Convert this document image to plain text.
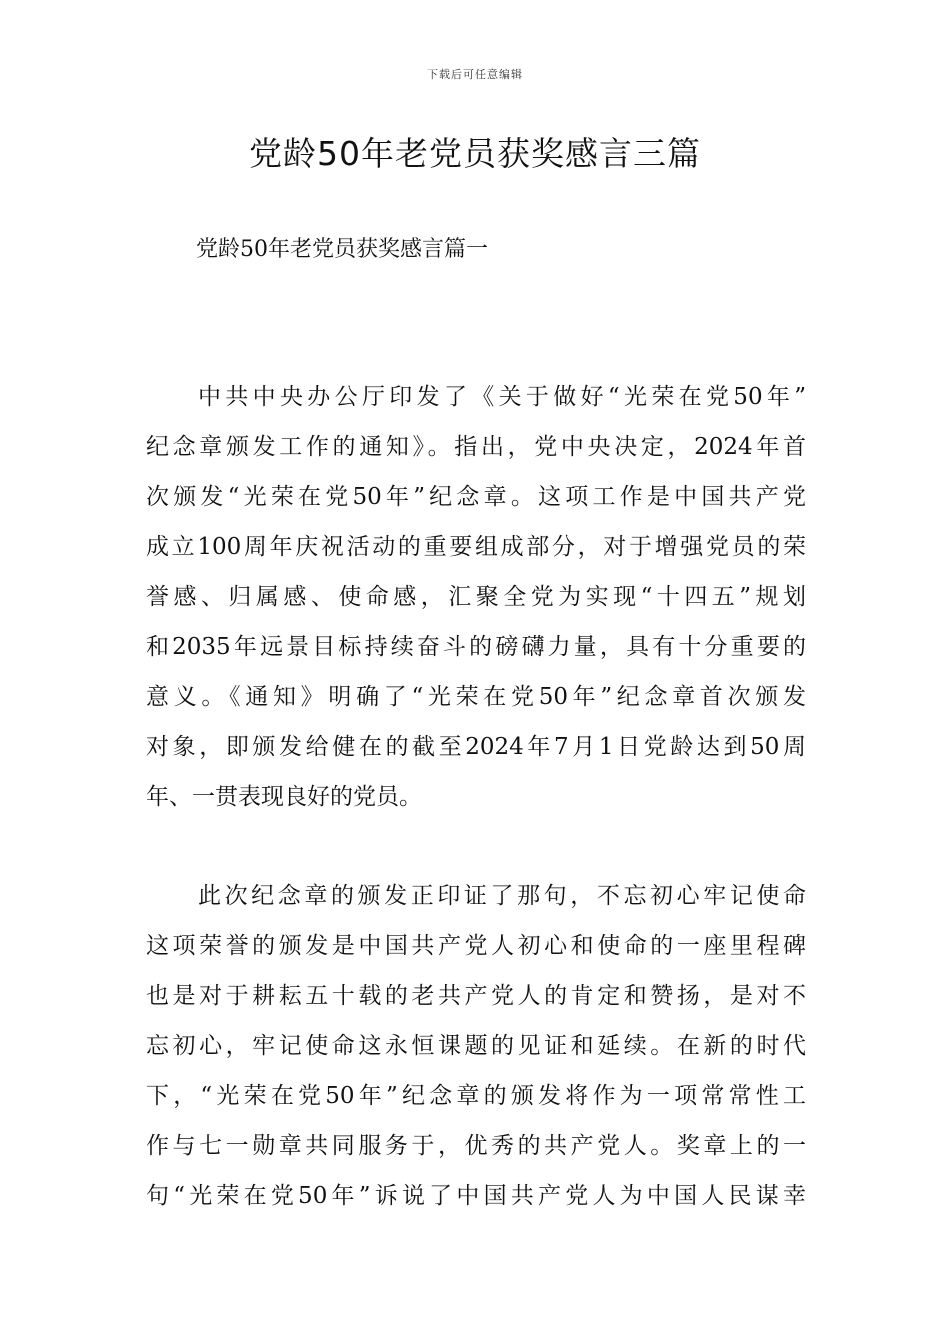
下载后可任意编辑
党龄50年老党员获奖感言三篇
党龄50年老党员获奖感言篇一
中共中央办公厅印发了《关于做好“光荣在党50年”
纪念章颁发工作的通知》。指出，党中央决定，2024年首
次颁发“光荣在党50年”纪念章。这项工作是中国共产党
成立100周年庆祝活动的重要组成部分，对于增强党员的荣
誉感、归属感、使命感，汇聚全党为实现“十四五”规划
和2035年远景目标持续奋斗的磅礴力量，具有十分重要的
意义。《通知》明确了“光荣在党50年”纪念章首次颁发
对象，即颁发给健在的截至2024年7月1日党龄达到50周
年、一贯表现良好的党员。
此次纪念章的颁发正印证了那句，不忘初心牢记使命
这项荣誉的颁发是中国共产党人初心和使命的一座里程碑
也是对于耕耘五十载的老共产党人的肯定和赞扬，是对不
忘初心，牢记使命这永恒课题的见证和延续。在新的时代
下，“光荣在党50年”纪念章的颁发将作为一项常常性工
作与七一勋章共同服务于，优秀的共产党人。奖章上的一
句“光荣在党50年”诉说了中国共产党人为中国人民谋幸
